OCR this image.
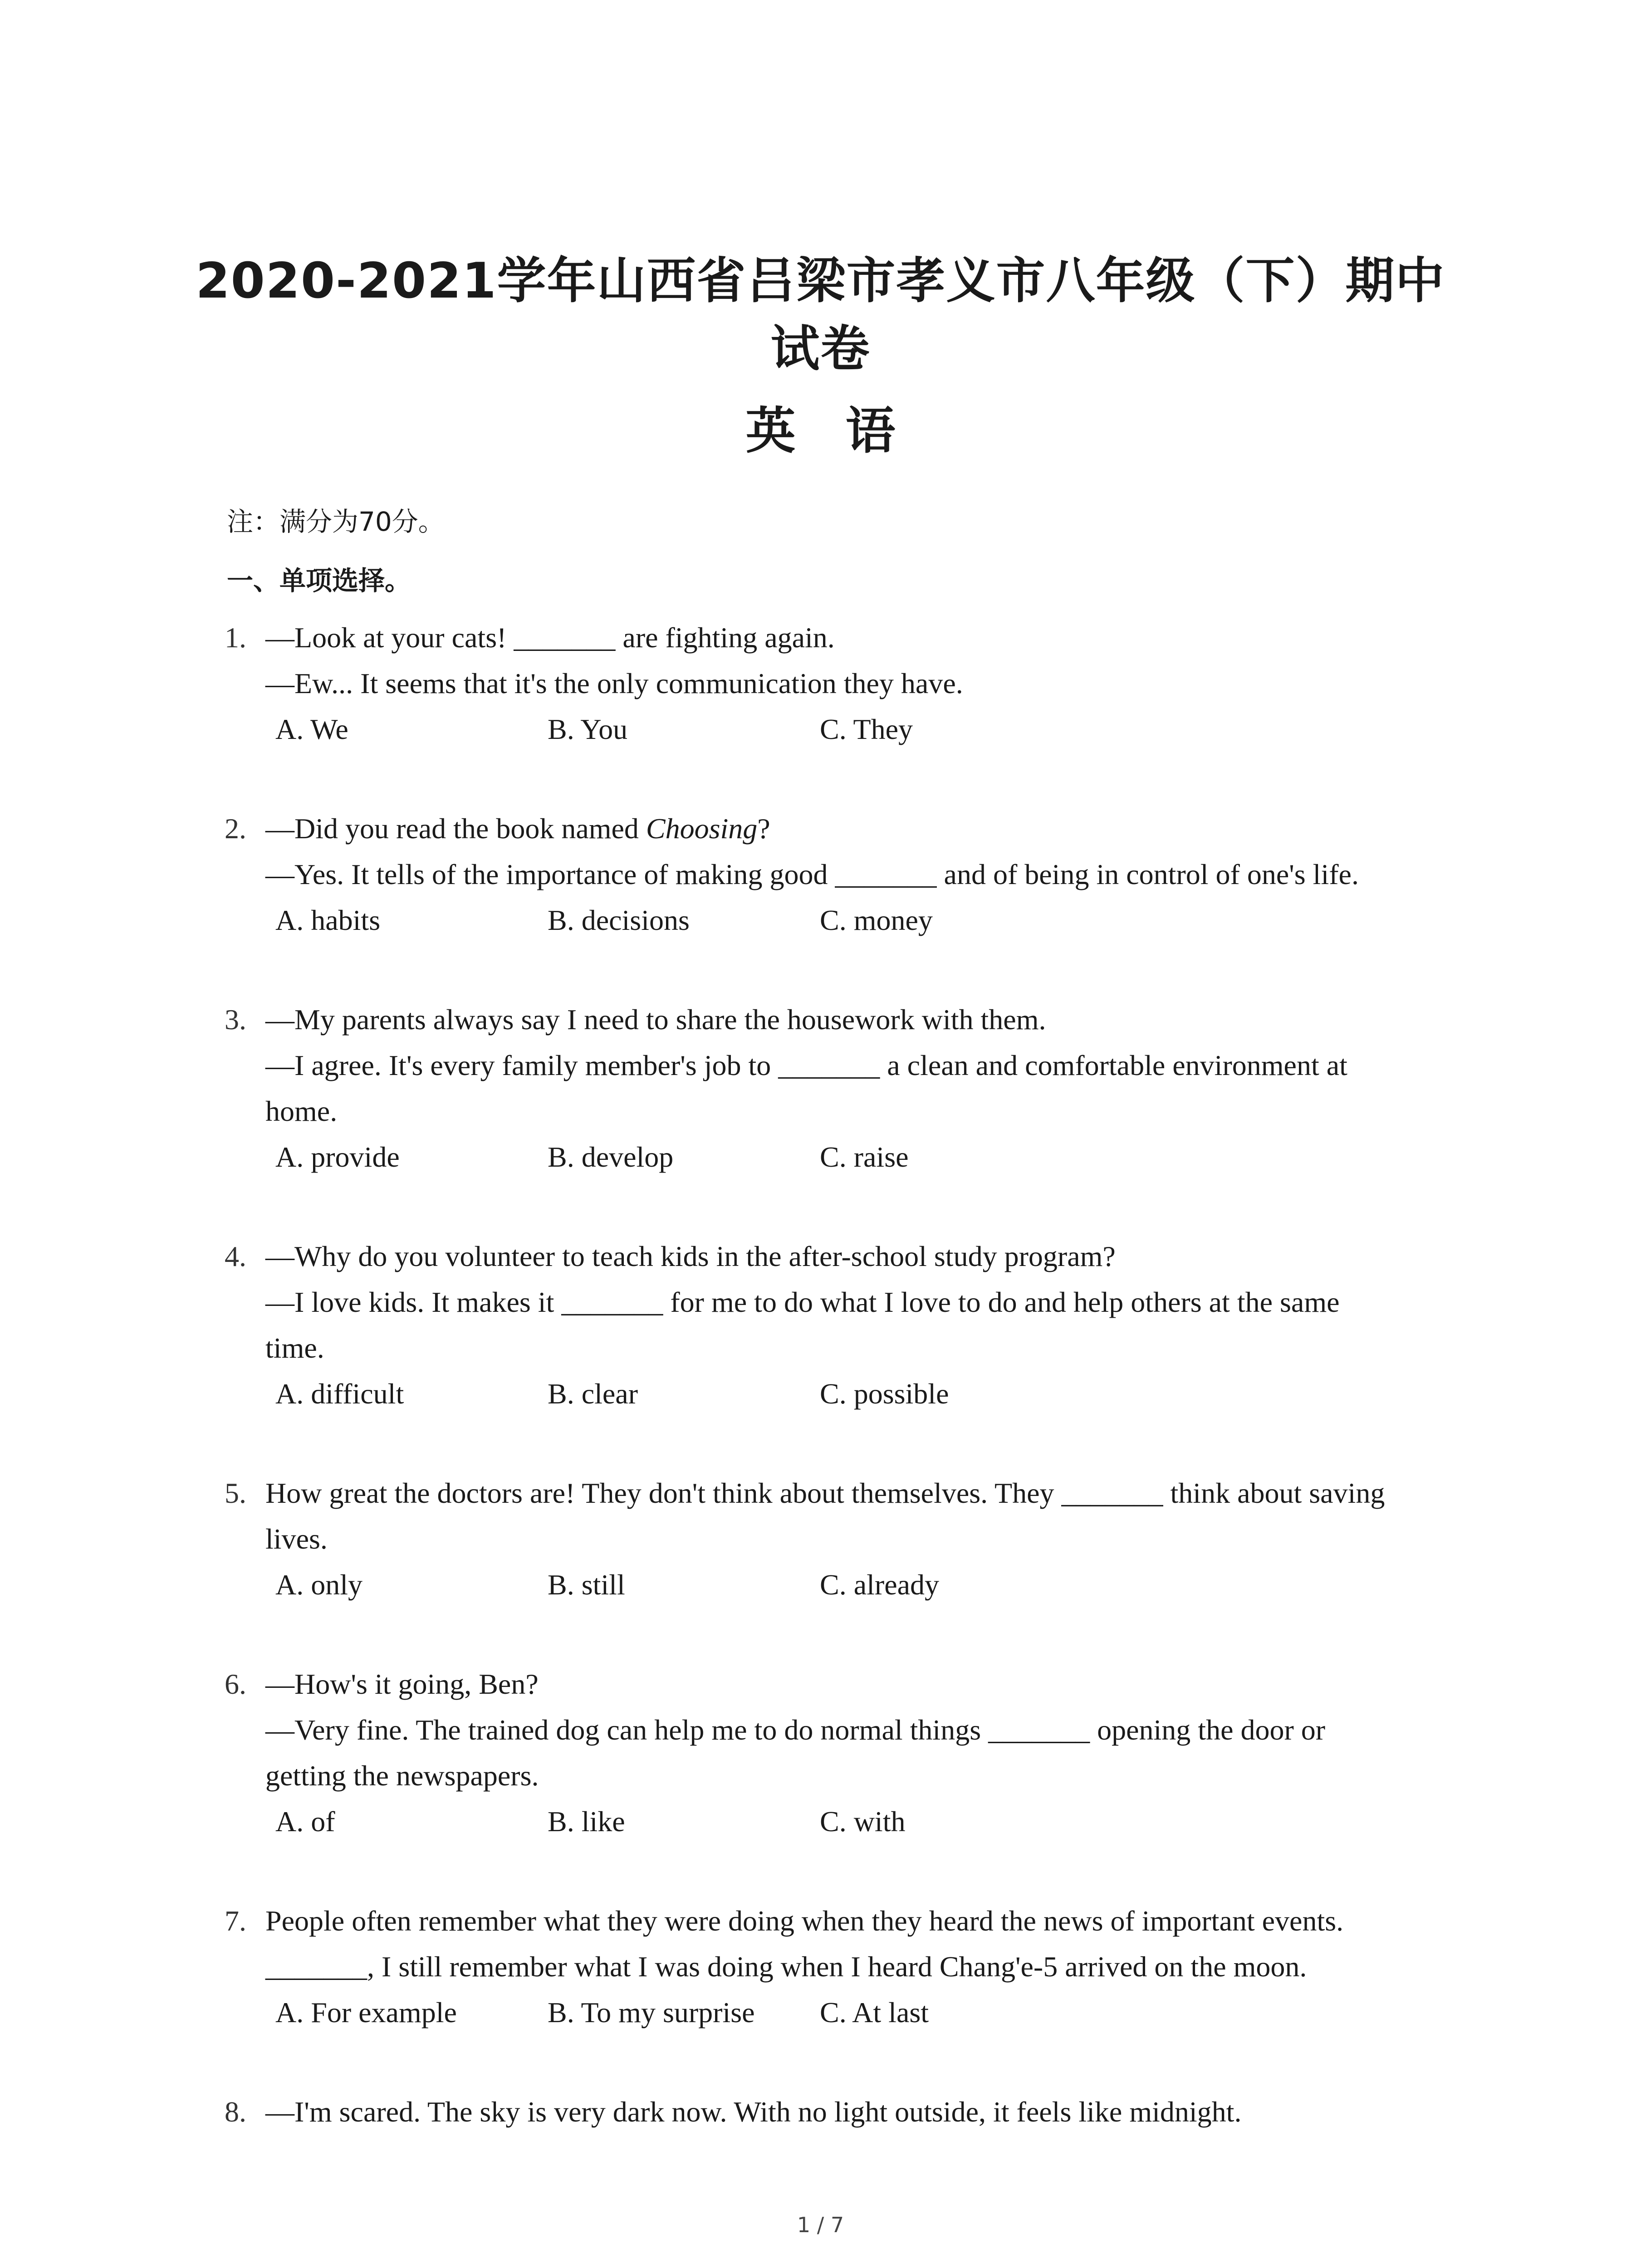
2020-2021学年山西省吕梁市孝义市八年级（下）期中
试卷
英　语
注：满分为70分。
一、单项选择。
1. —Look at your cats! _______ are fighting again.
—Ew... It seems that it's the only communication they have.
A. We	B. You	C. They
2. —Did you read the book named Choosing?
—Yes. It tells of the importance of making good _______ and of being in control of one's life.
A. habits	B. decisions	C. money
3. —My parents always say I need to share the housework with them.
—I agree. It's every family member's job to _______ a clean and comfortable environment at
home.
A. provide	B. develop	C. raise
4. —Why do you volunteer to teach kids in the after-school study program?
—I love kids. It makes it _______ for me to do what I love to do and help others at the same
time.
A. difficult	B. clear	C. possible
5. How great the doctors are! They don't think about themselves. They _______ think about saving
lives.
A. only	B. still	C. already
6. —How's it going, Ben?
—Very fine. The trained dog can help me to do normal things _______ opening the door or
getting the newspapers.
A. of	B. like	C. with
7. People often remember what they were doing when they heard the news of important events.
_______, I still remember what I was doing when I heard Chang'e-5 arrived on the moon.
A. For example	B. To my surprise	C. At last
8. —I'm scared. The sky is very dark now. With no light outside, it feels like midnight.
1 / 7
